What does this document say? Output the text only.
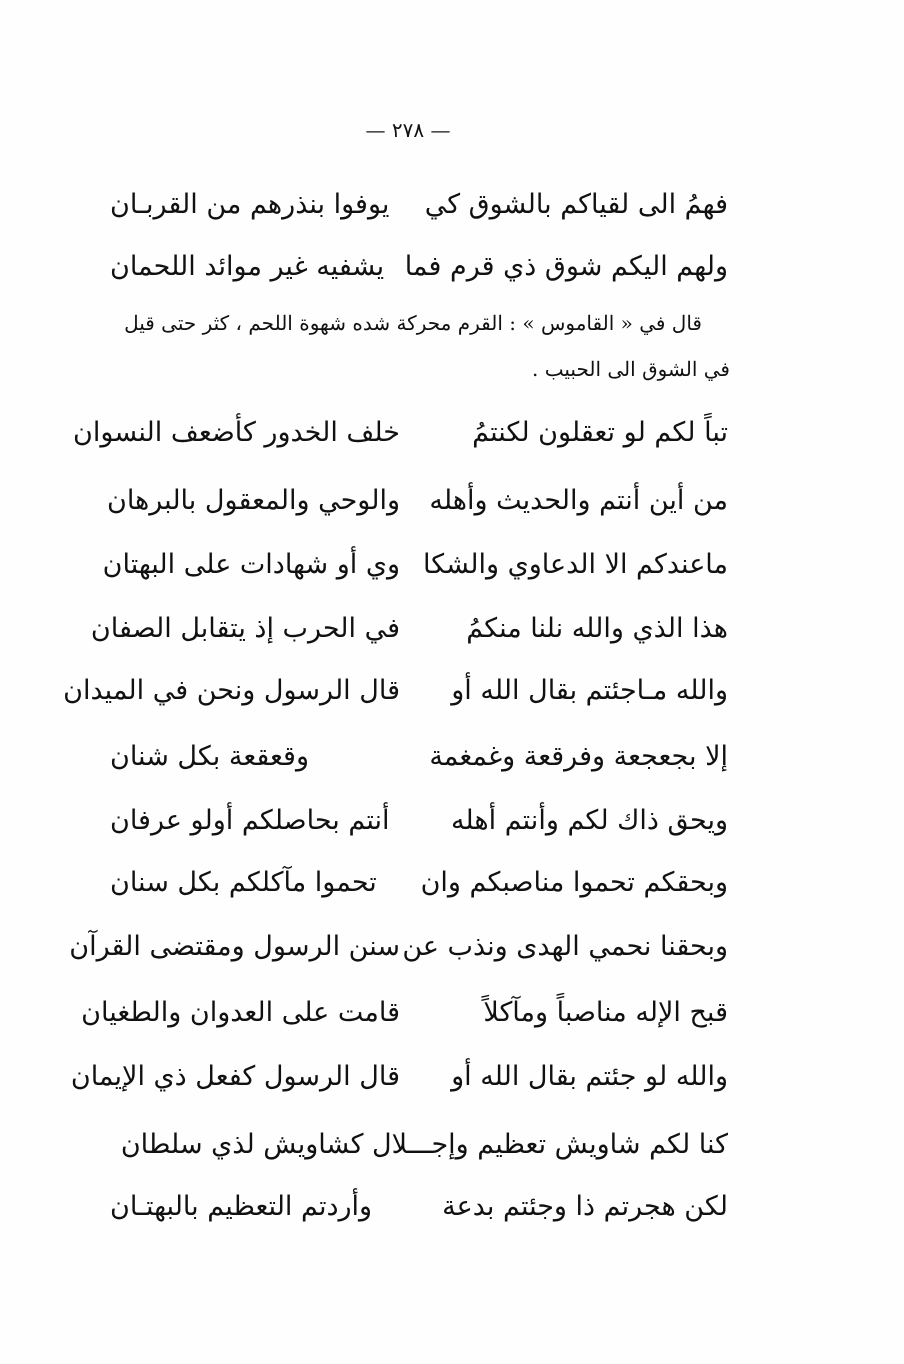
— ٢٧٨ —
فهمُ الى لقياكم بالشوق كي
يوفوا بنذرهم من القربـان
ولهم اليكم شوق ذي قرم فما
يشفيه غير موائد اللحمان
قال في « القاموس » : القرم محركة شده شهوة اللحم ، كثر حتى قيل
في الشوق الى الحبيب .
تباً لكم لو تعقلون لكنتمُ
خلف الخدور كأضعف النسوان
من أين أنتم والحديث وأهله
والوحي والمعقول بالبرهان
ماعندكم الا الدعاوي والشكا
وي أو شهادات على البهتان
هذا الذي والله نلنا منكمُ
في الحرب إذ يتقابل الصفان
والله مـاجئتم بقال الله أو
قال الرسول ونحن في الميدان
إلا بجعجعة وفرقعة وغمغمة
وقعقعة بكل شنان
ويحق ذاك لكم وأنتم أهله
أنتم بحاصلكم أولو عرفان
وبحقكم تحموا مناصبكم وان
تحموا مآكلكم بكل سنان
وبحقنا نحمي الهدى ونذب عن
سنن الرسول ومقتضى القرآن
قبح الإله مناصباً ومآكلاً
قامت على العدوان والطغيان
والله لو جئتم بقال الله أو
قال الرسول كفعل ذي الإيمان
كنا لكم شاويش تعظيم وإجـــلال كشاويش لذي سلطان
لكن هجرتم ذا وجئتم بدعة
وأردتم التعظيم بالبهتـان
